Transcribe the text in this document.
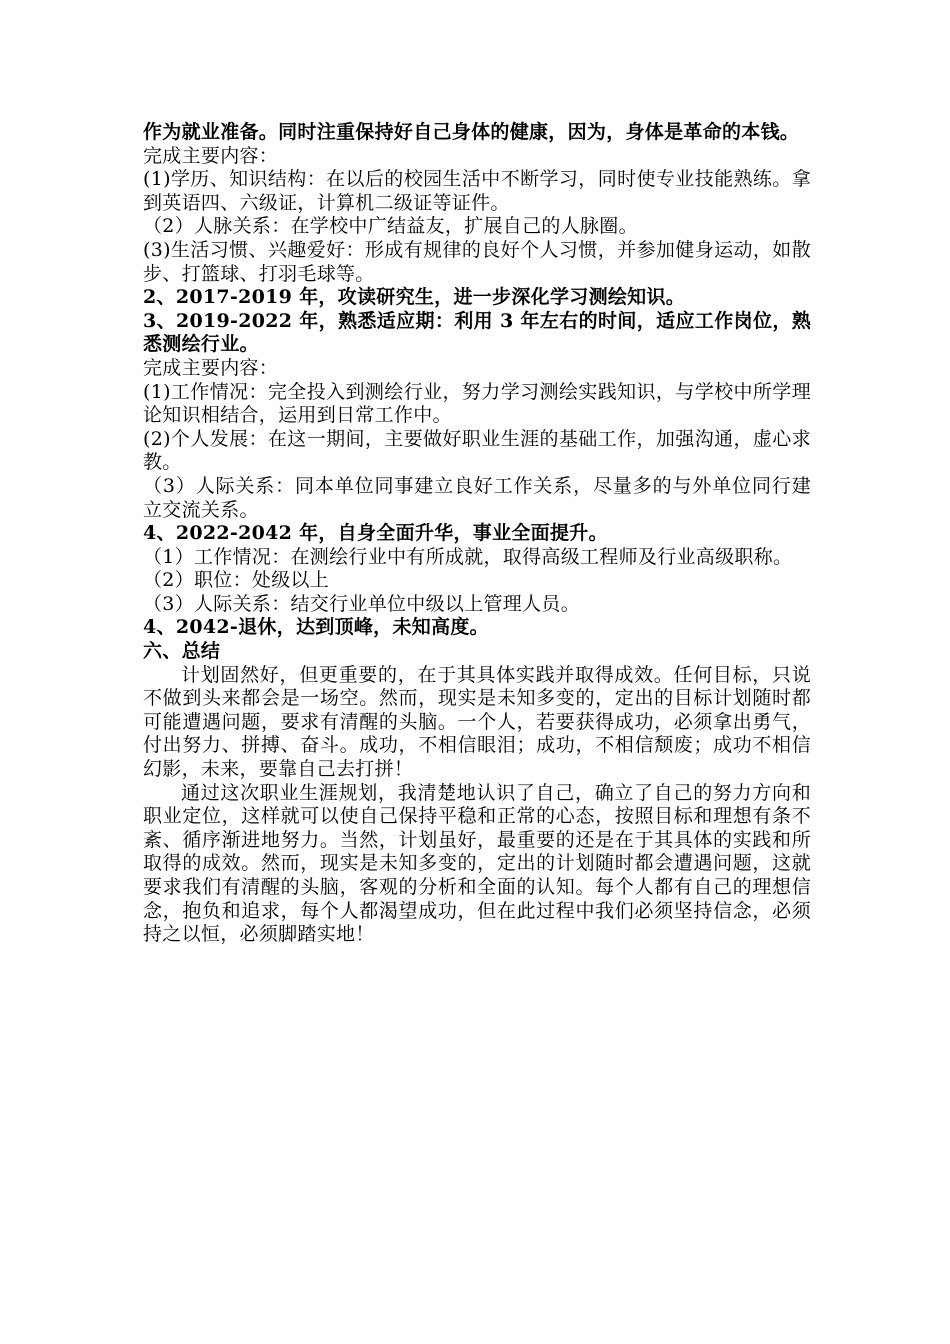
作为就业准备。同时注重保持好自己身体的健康，因为，身体是革命的本钱。

完成主要内容：

(1)学历、知识结构：在以后的校园生活中不断学习，同时使专业技能熟练。拿到英语四、六级证，计算机二级证等证件。

（2）人脉关系：在学校中广结益友，扩展自己的人脉圈。

(3)生活习惯、兴趣爱好：形成有规律的良好个人习惯，并参加健身运动，如散步、打篮球、打羽毛球等。

2、2017-2019 年，攻读研究生，进一步深化学习测绘知识。

3、2019-2022 年，熟悉适应期：利用 3 年左右的时间，适应工作岗位，熟悉测绘行业。

完成主要内容：

(1)工作情况：完全投入到测绘行业，努力学习测绘实践知识，与学校中所学理论知识相结合，运用到日常工作中。

(2)个人发展：在这一期间，主要做好职业生涯的基础工作，加强沟通，虚心求教。

（3）人际关系：同本单位同事建立良好工作关系，尽量多的与外单位同行建立交流关系。

4、2022-2042 年，自身全面升华，事业全面提升。

（1）工作情况：在测绘行业中有所成就，取得高级工程师及行业高级职称。

（2）职位：处级以上

（3）人际关系：结交行业单位中级以上管理人员。

4、2042-退休，达到顶峰，未知高度。

六、总结

计划固然好，但更重要的，在于其具体实践并取得成效。任何目标，只说不做到头来都会是一场空。然而，现实是未知多变的，定出的目标计划随时都可能遭遇问题，要求有清醒的头脑。一个人，若要获得成功，必须拿出勇气，付出努力、拼搏、奋斗。成功，不相信眼泪；成功，不相信颓废；成功不相信幻影，未来，要靠自己去打拼！

通过这次职业生涯规划，我清楚地认识了自己，确立了自己的努力方向和职业定位，这样就可以使自己保持平稳和正常的心态，按照目标和理想有条不紊、循序渐进地努力。当然，计划虽好，最重要的还是在于其具体的实践和所取得的成效。然而，现实是未知多变的，定出的计划随时都会遭遇问题，这就要求我们有清醒的头脑，客观的分析和全面的认知。每个人都有自己的理想信念，抱负和追求，每个人都渴望成功，但在此过程中我们必须坚持信念，必须持之以恒，必须脚踏实地！
